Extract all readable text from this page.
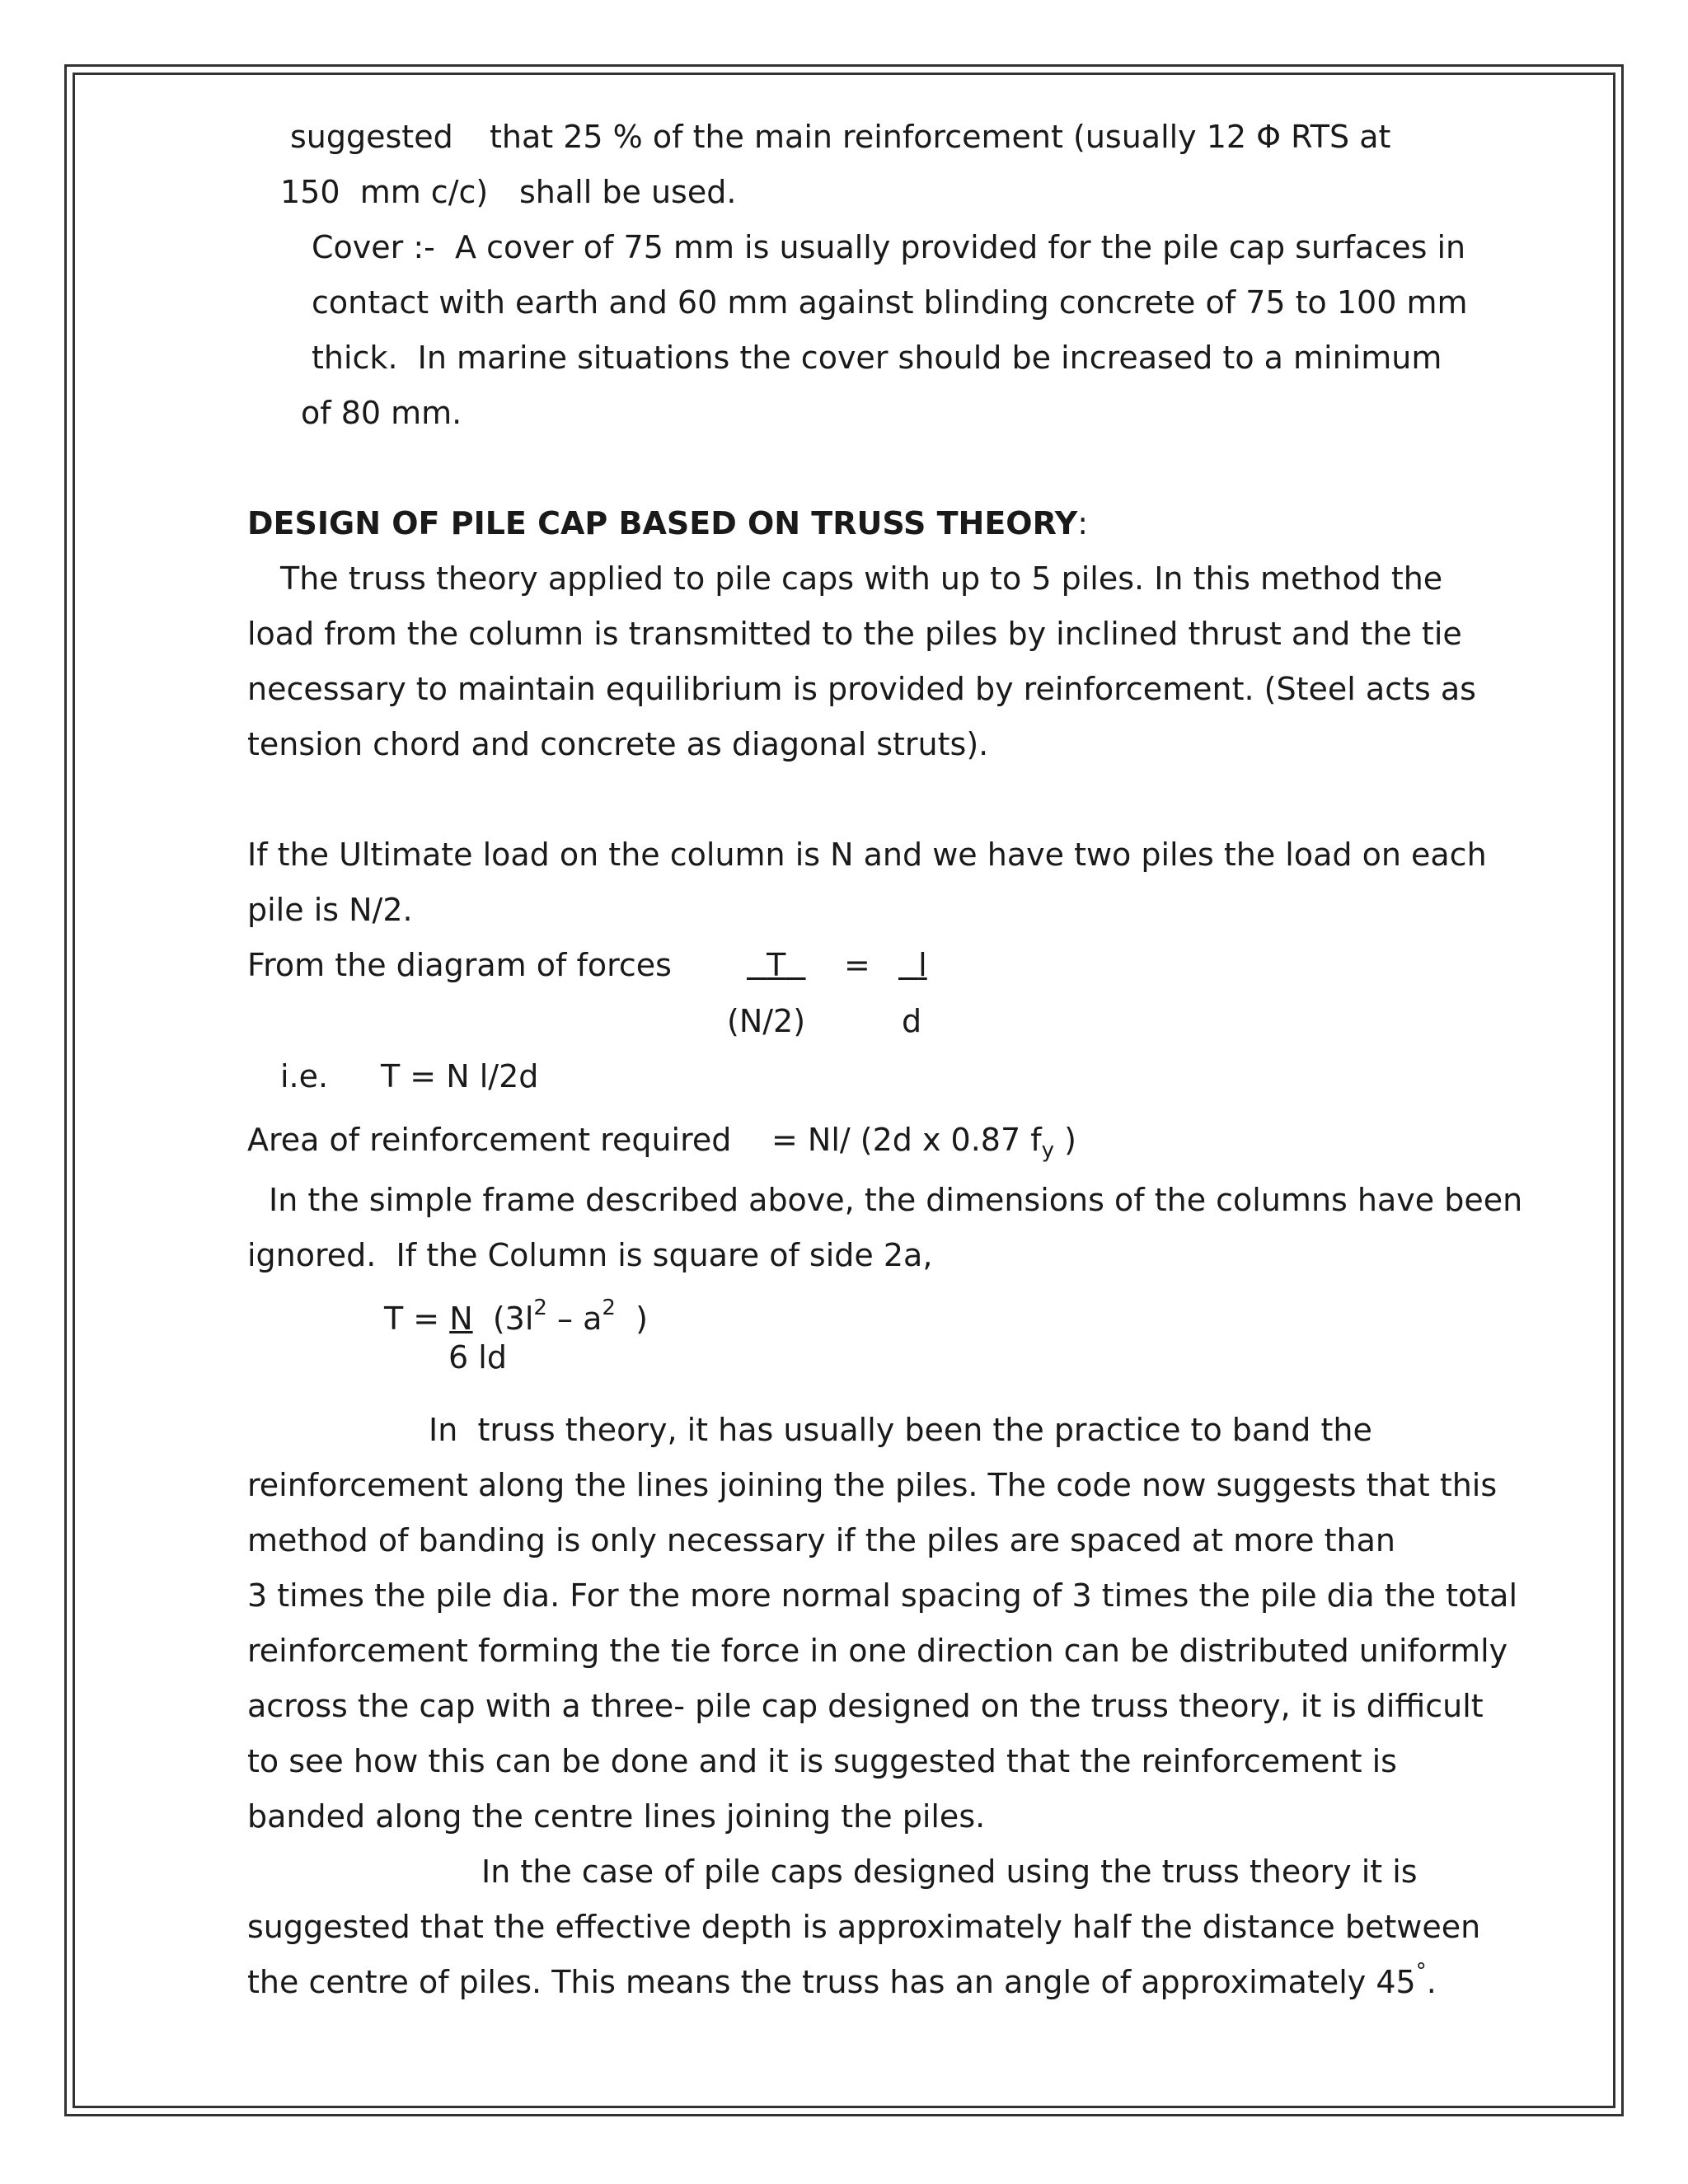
suggested that 25 % of the main reinforcement (usually 12 Φ RTS at
150  mm c/c) shall be used.
Cover :-  A cover of 75 mm is usually provided for the pile cap surfaces in
contact with earth and 60 mm against blinding concrete of 75 to 100 mm
thick.  In marine situations the cover should be increased to a minimum
of 80 mm.
DESIGN OF PILE CAP BASED ON TRUSS THEORY:
The truss theory applied to pile caps with up to 5 piles. In this method the
load from the column is transmitted to the piles by inclined thrust and the tie
necessary to maintain equilibrium is provided by reinforcement. (Steel acts as
tension chord and concrete as diagonal struts).
If the Ultimate load on the column is N and we have two piles the load on each
pile is N/2.
From the diagram of forces	T	=	l
(N/2)	d
i.e. T = N l/2d
Area of reinforcement required = Nl/ (2d x 0.87 $f_y$ )
In the simple frame described above, the dimensions of the columns have been
ignored.  If the Column is square of side 2a,
T = N  ($3l^2 - a^2$  )
6 ld
In  truss theory, it has usually been the practice to band the
reinforcement along the lines joining the piles. The code now suggests that this
method of banding is only necessary if the piles are spaced at more than
3 times the pile dia. For the more normal spacing of 3 times the pile dia the total
reinforcement forming the tie force in one direction can be distributed uniformly
across the cap with a three- pile cap designed on the truss theory, it is difficult
to see how this can be done and it is suggested that the reinforcement is
banded along the centre lines joining the piles.
In the case of pile caps designed using the truss theory it is
suggested that the effective depth is approximately half the distance between
the centre of piles. This means the truss has an angle of approximately 45°.
